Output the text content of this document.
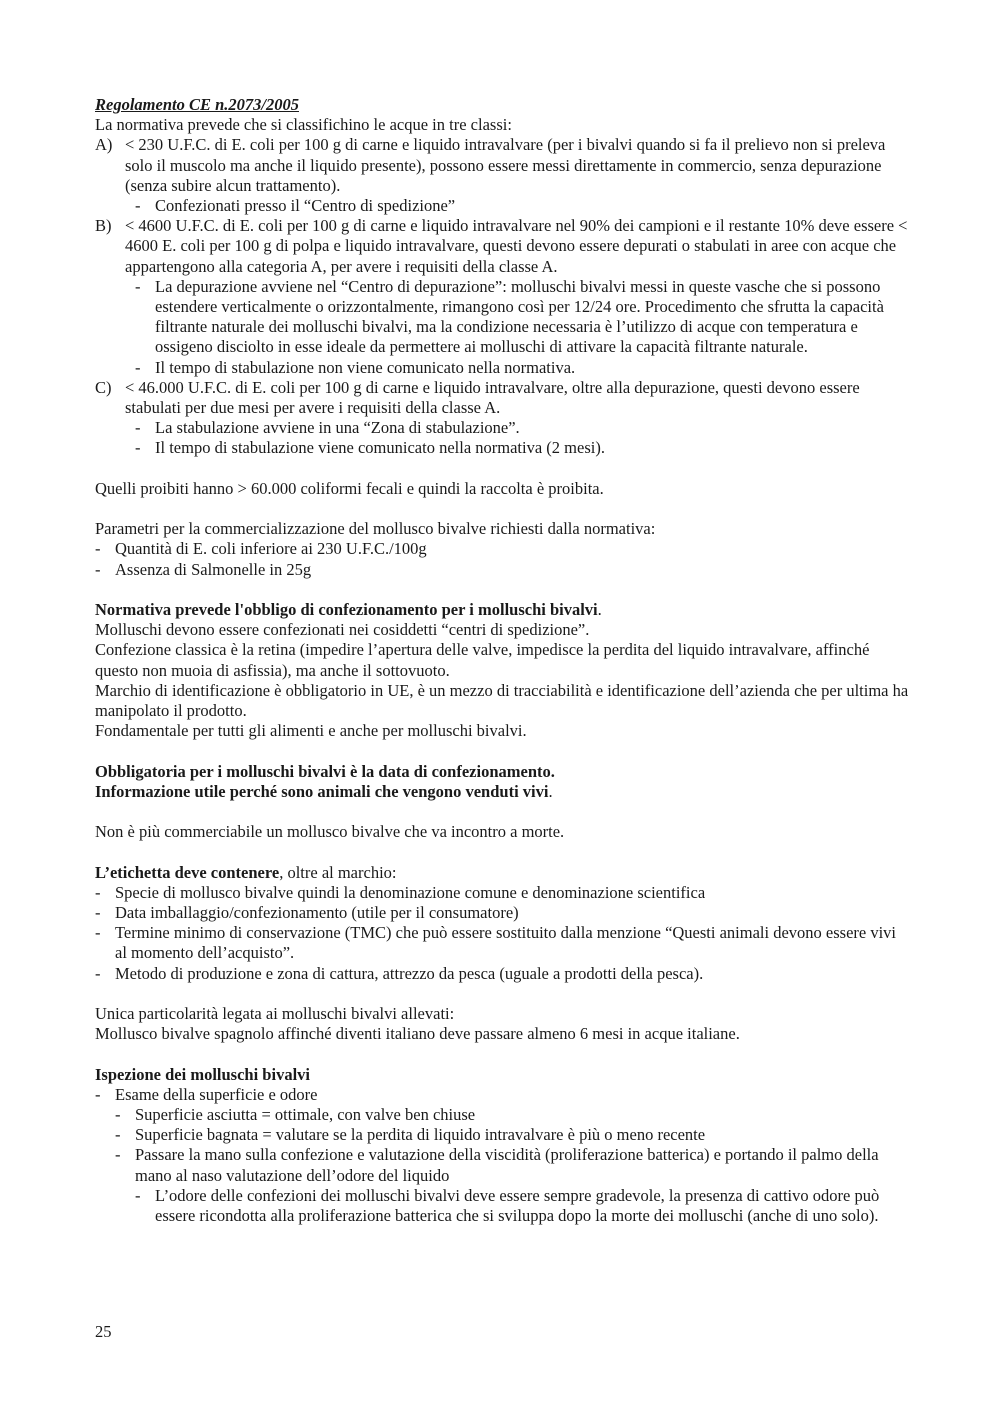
Regolamento CE n.2073/2005

La normativa prevede che si classifichino le acque in tre classi:

A) < 230 U.F.C. di E. coli per 100 g di carne e liquido intravalvare (per i bivalvi quando si fa il prelievo non si preleva solo il muscolo ma anche il liquido presente), possono essere messi direttamente in commercio, senza depurazione (senza subire alcun trattamento).
- Confezionati presso il “Centro di spedizione”
B) < 4600 U.F.C. di E. coli per 100 g di carne e liquido intravalvare nel 90% dei campioni e il restante 10% deve essere < 4600 E. coli per 100 g di polpa e liquido intravalvare, questi devono essere depurati o stabulati in aree con acque che appartengono alla categoria A, per avere i requisiti della classe A.
- La depurazione avviene nel “Centro di depurazione”: molluschi bivalvi messi in queste vasche che si possono estendere verticalmente o orizzontalmente, rimangono così per 12/24 ore. Procedimento che sfrutta la capacità filtrante naturale dei molluschi bivalvi, ma la condizione necessaria è l’utilizzo di acque con temperatura e ossigeno disciolto in esse ideale da permettere ai molluschi di attivare la capacità filtrante naturale.
- Il tempo di stabulazione non viene comunicato nella normativa.
C) < 46.000 U.F.C. di E. coli per 100 g di carne e liquido intravalvare, oltre alla depurazione, questi devono essere stabulati per due mesi per avere i requisiti della classe A.
- La stabulazione avviene in una “Zona di stabulazione”.
- Il tempo di stabulazione viene comunicato nella normativa (2 mesi).

Quelli proibiti hanno > 60.000 coliformi fecali e quindi la raccolta è proibita.

Parametri per la commercializzazione del mollusco bivalve richiesti dalla normativa:

- Quantità di E. coli inferiore ai 230 U.F.C./100g
- Assenza di Salmonelle in 25g

Normativa prevede l'obbligo di confezionamento per i molluschi bivalvi.

Molluschi devono essere confezionati nei cosiddetti “centri di spedizione”.

Confezione classica è la retina (impedire l’apertura delle valve, impedisce la perdita del liquido intravalvare, affinché questo non muoia di asfissia), ma anche il sottovuoto.

Marchio di identificazione è obbligatorio in UE, è un mezzo di tracciabilità e identificazione dell’azienda che per ultima ha manipolato il prodotto.

Fondamentale per tutti gli alimenti e anche per molluschi bivalvi.

Obbligatoria per i molluschi bivalvi è la data di confezionamento.

Informazione utile perché sono animali che vengono venduti vivi.

Non è più commerciabile un mollusco bivalve che va incontro a morte.

L’etichetta deve contenere, oltre al marchio:

- Specie di mollusco bivalve quindi la denominazione comune e denominazione scientifica
- Data imballaggio/confezionamento (utile per il consumatore)
- Termine minimo di conservazione (TMC) che può essere sostituito dalla menzione “Questi animali devono essere vivi al momento dell’acquisto”.
- Metodo di produzione e zona di cattura, attrezzo da pesca (uguale a prodotti della pesca).

Unica particolarità legata ai molluschi bivalvi allevati:

Mollusco bivalve spagnolo affinché diventi italiano deve passare almeno 6 mesi in acque italiane.

Ispezione dei molluschi bivalvi

- Esame della superficie e odore
- Superficie asciutta = ottimale, con valve ben chiuse
- Superficie bagnata = valutare se la perdita di liquido intravalvare è più o meno recente
- Passare la mano sulla confezione e valutazione della viscidità (proliferazione batterica) e portando il palmo della mano al naso valutazione dell’odore del liquido
- L’odore delle confezioni dei molluschi bivalvi deve essere sempre gradevole, la presenza di cattivo odore può essere ricondotta alla proliferazione batterica che si sviluppa dopo la morte dei molluschi (anche di uno solo).
25
